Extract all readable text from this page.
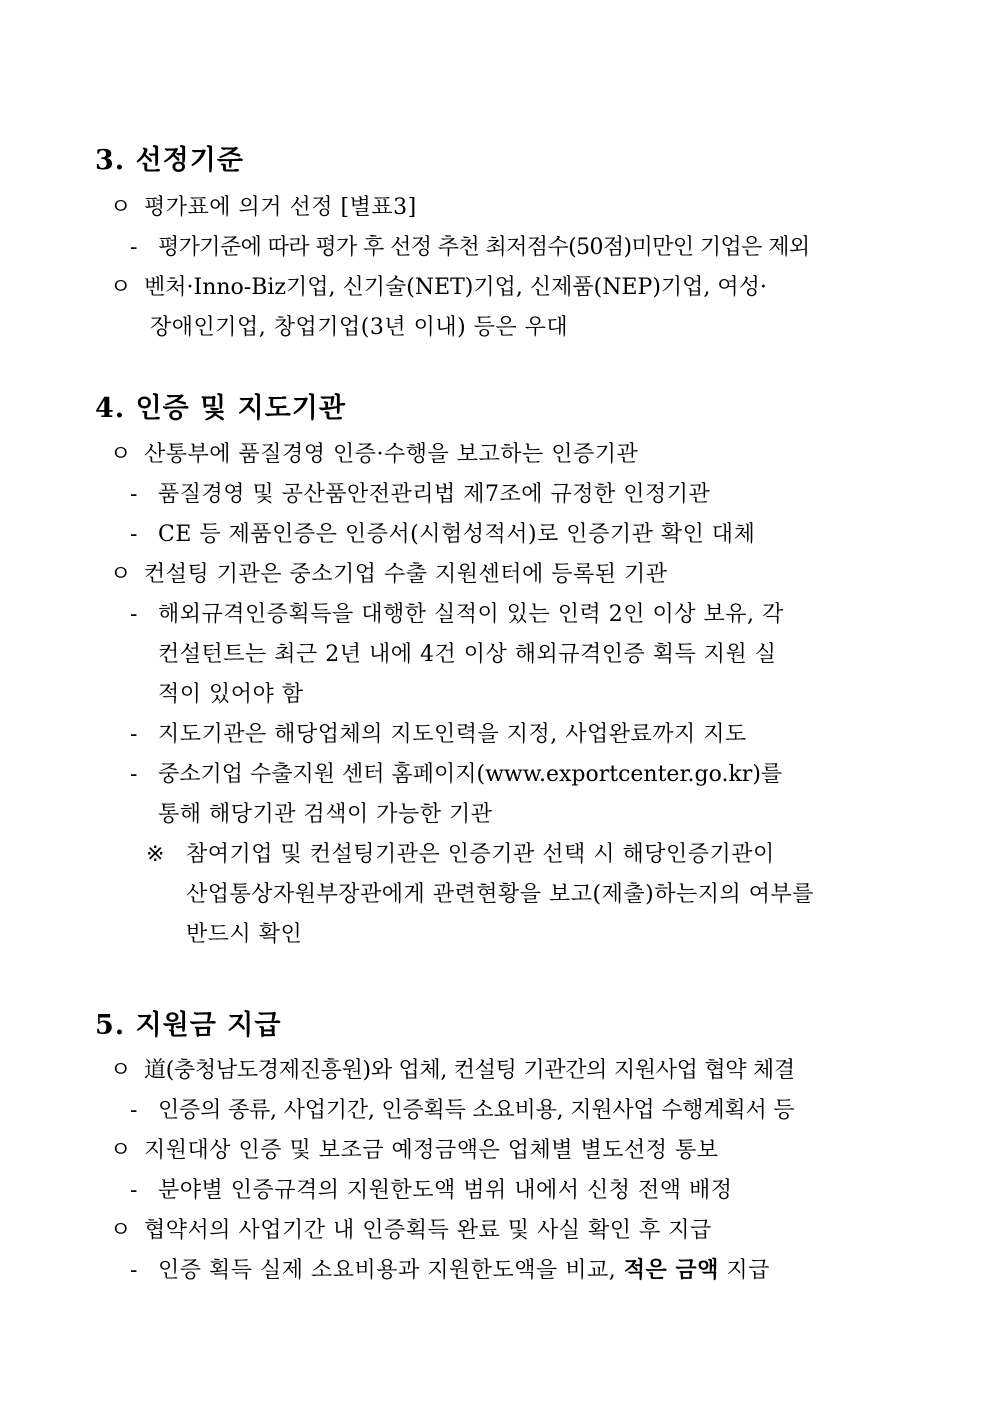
3. 선정기준
ㅇ 평가표에 의거 선정 [별표3]
- 평가기준에 따라 평가 후 선정 추천 최저점수(50점)미만인 기업은 제외
ㅇ 벤처·Inno-Biz기업, 신기술(NET)기업, 신제품(NEP)기업, 여성·
장애인기업, 창업기업(3년 이내) 등은 우대
4. 인증 및 지도기관
ㅇ 산통부에 품질경영 인증·수행을 보고하는 인증기관
- 품질경영 및 공산품안전관리법 제7조에 규정한 인정기관
- CE 등 제품인증은 인증서(시험성적서)로 인증기관 확인 대체
ㅇ 컨설팅 기관은 중소기업 수출 지원센터에 등록된 기관
- 해외규격인증획득을 대행한 실적이 있는 인력 2인 이상 보유, 각
컨설턴트는 최근 2년 내에 4건 이상 해외규격인증 획득 지원 실
적이 있어야 함
- 지도기관은 해당업체의 지도인력을 지정, 사업완료까지 지도
- 중소기업 수출지원 센터 홈페이지(www.exportcenter.go.kr)를
통해 해당기관 검색이 가능한 기관
※ 참여기업 및 컨설팅기관은 인증기관 선택 시 해당인증기관이
산업통상자원부장관에게 관련현황을 보고(제출)하는지의 여부를
반드시 확인
5. 지원금 지급
ㅇ 道(충청남도경제진흥원)와 업체, 컨설팅 기관간의 지원사업 협약 체결
- 인증의 종류, 사업기간, 인증획득 소요비용, 지원사업 수행계획서 등
ㅇ 지원대상 인증 및 보조금 예정금액은 업체별 별도선정 통보
- 분야별 인증규격의 지원한도액 범위 내에서 신청 전액 배정
ㅇ 협약서의 사업기간 내 인증획득 완료 및 사실 확인 후 지급
- 인증 획득 실제 소요비용과 지원한도액을 비교, 적은 금액 지급
